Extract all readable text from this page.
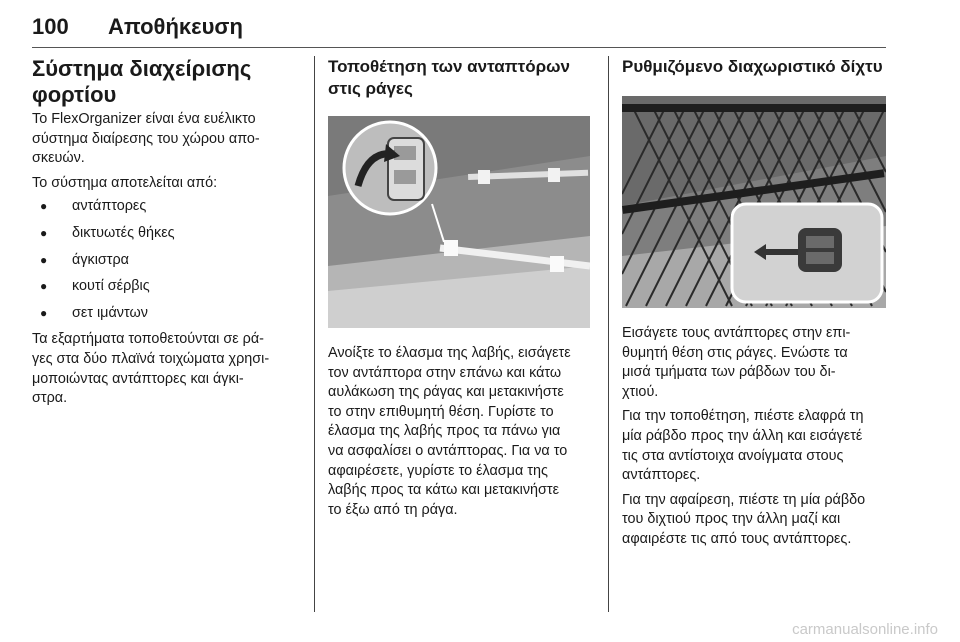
100 Αποθήκευση
Σύστημα διαχείρισης φορτίου
Το FlexOrganizer είναι ένα ευέλικτο
σύστημα διαίρεσης του χώρου απο-
σκευών.
Το σύστημα αποτελείται από:
● αντάπτορες
● δικτυωτές θήκες
● άγκιστρα
● κουτί σέρβις
● σετ ιμάντων
Τα εξαρτήματα τοποθετούνται σε ρά-
γες στα δύο πλαϊνά τοιχώματα χρησι-
μοποιώντας αντάπτορες και άγκι-
στρα.
Τοποθέτηση των ανταπτόρων
στις ράγες
Ανοίξτε το έλασμα της λαβής, εισάγετε
τον αντάπτορα στην επάνω και κάτω
αυλάκωση της ράγας και μετακινήστε
το στην επιθυμητή θέση. Γυρίστε το
έλασμα της λαβής προς τα πάνω για
να ασφαλίσει ο αντάπτορας. Για να το
αφαιρέσετε, γυρίστε το έλασμα της
λαβής προς τα κάτω και μετακινήστε
το έξω από τη ράγα.
Ρυθμιζόμενο διαχωριστικό δίχτυ
Εισάγετε τους αντάπτορες στην επι-
θυμητή θέση στις ράγες. Ενώστε τα
μισά τμήματα των ράβδων του δι-
χτιού.
Για την τοποθέτηση, πιέστε ελαφρά τη
μία ράβδο προς την άλλη και εισάγετέ
τις στα αντίστοιχα ανοίγματα στους
αντάπτορες.
Για την αφαίρεση, πιέστε τη μία ράβδο
του διχτιού προς την άλλη μαζί και
αφαιρέστε τις από τους αντάπτορες.
carmanualsonline.info
